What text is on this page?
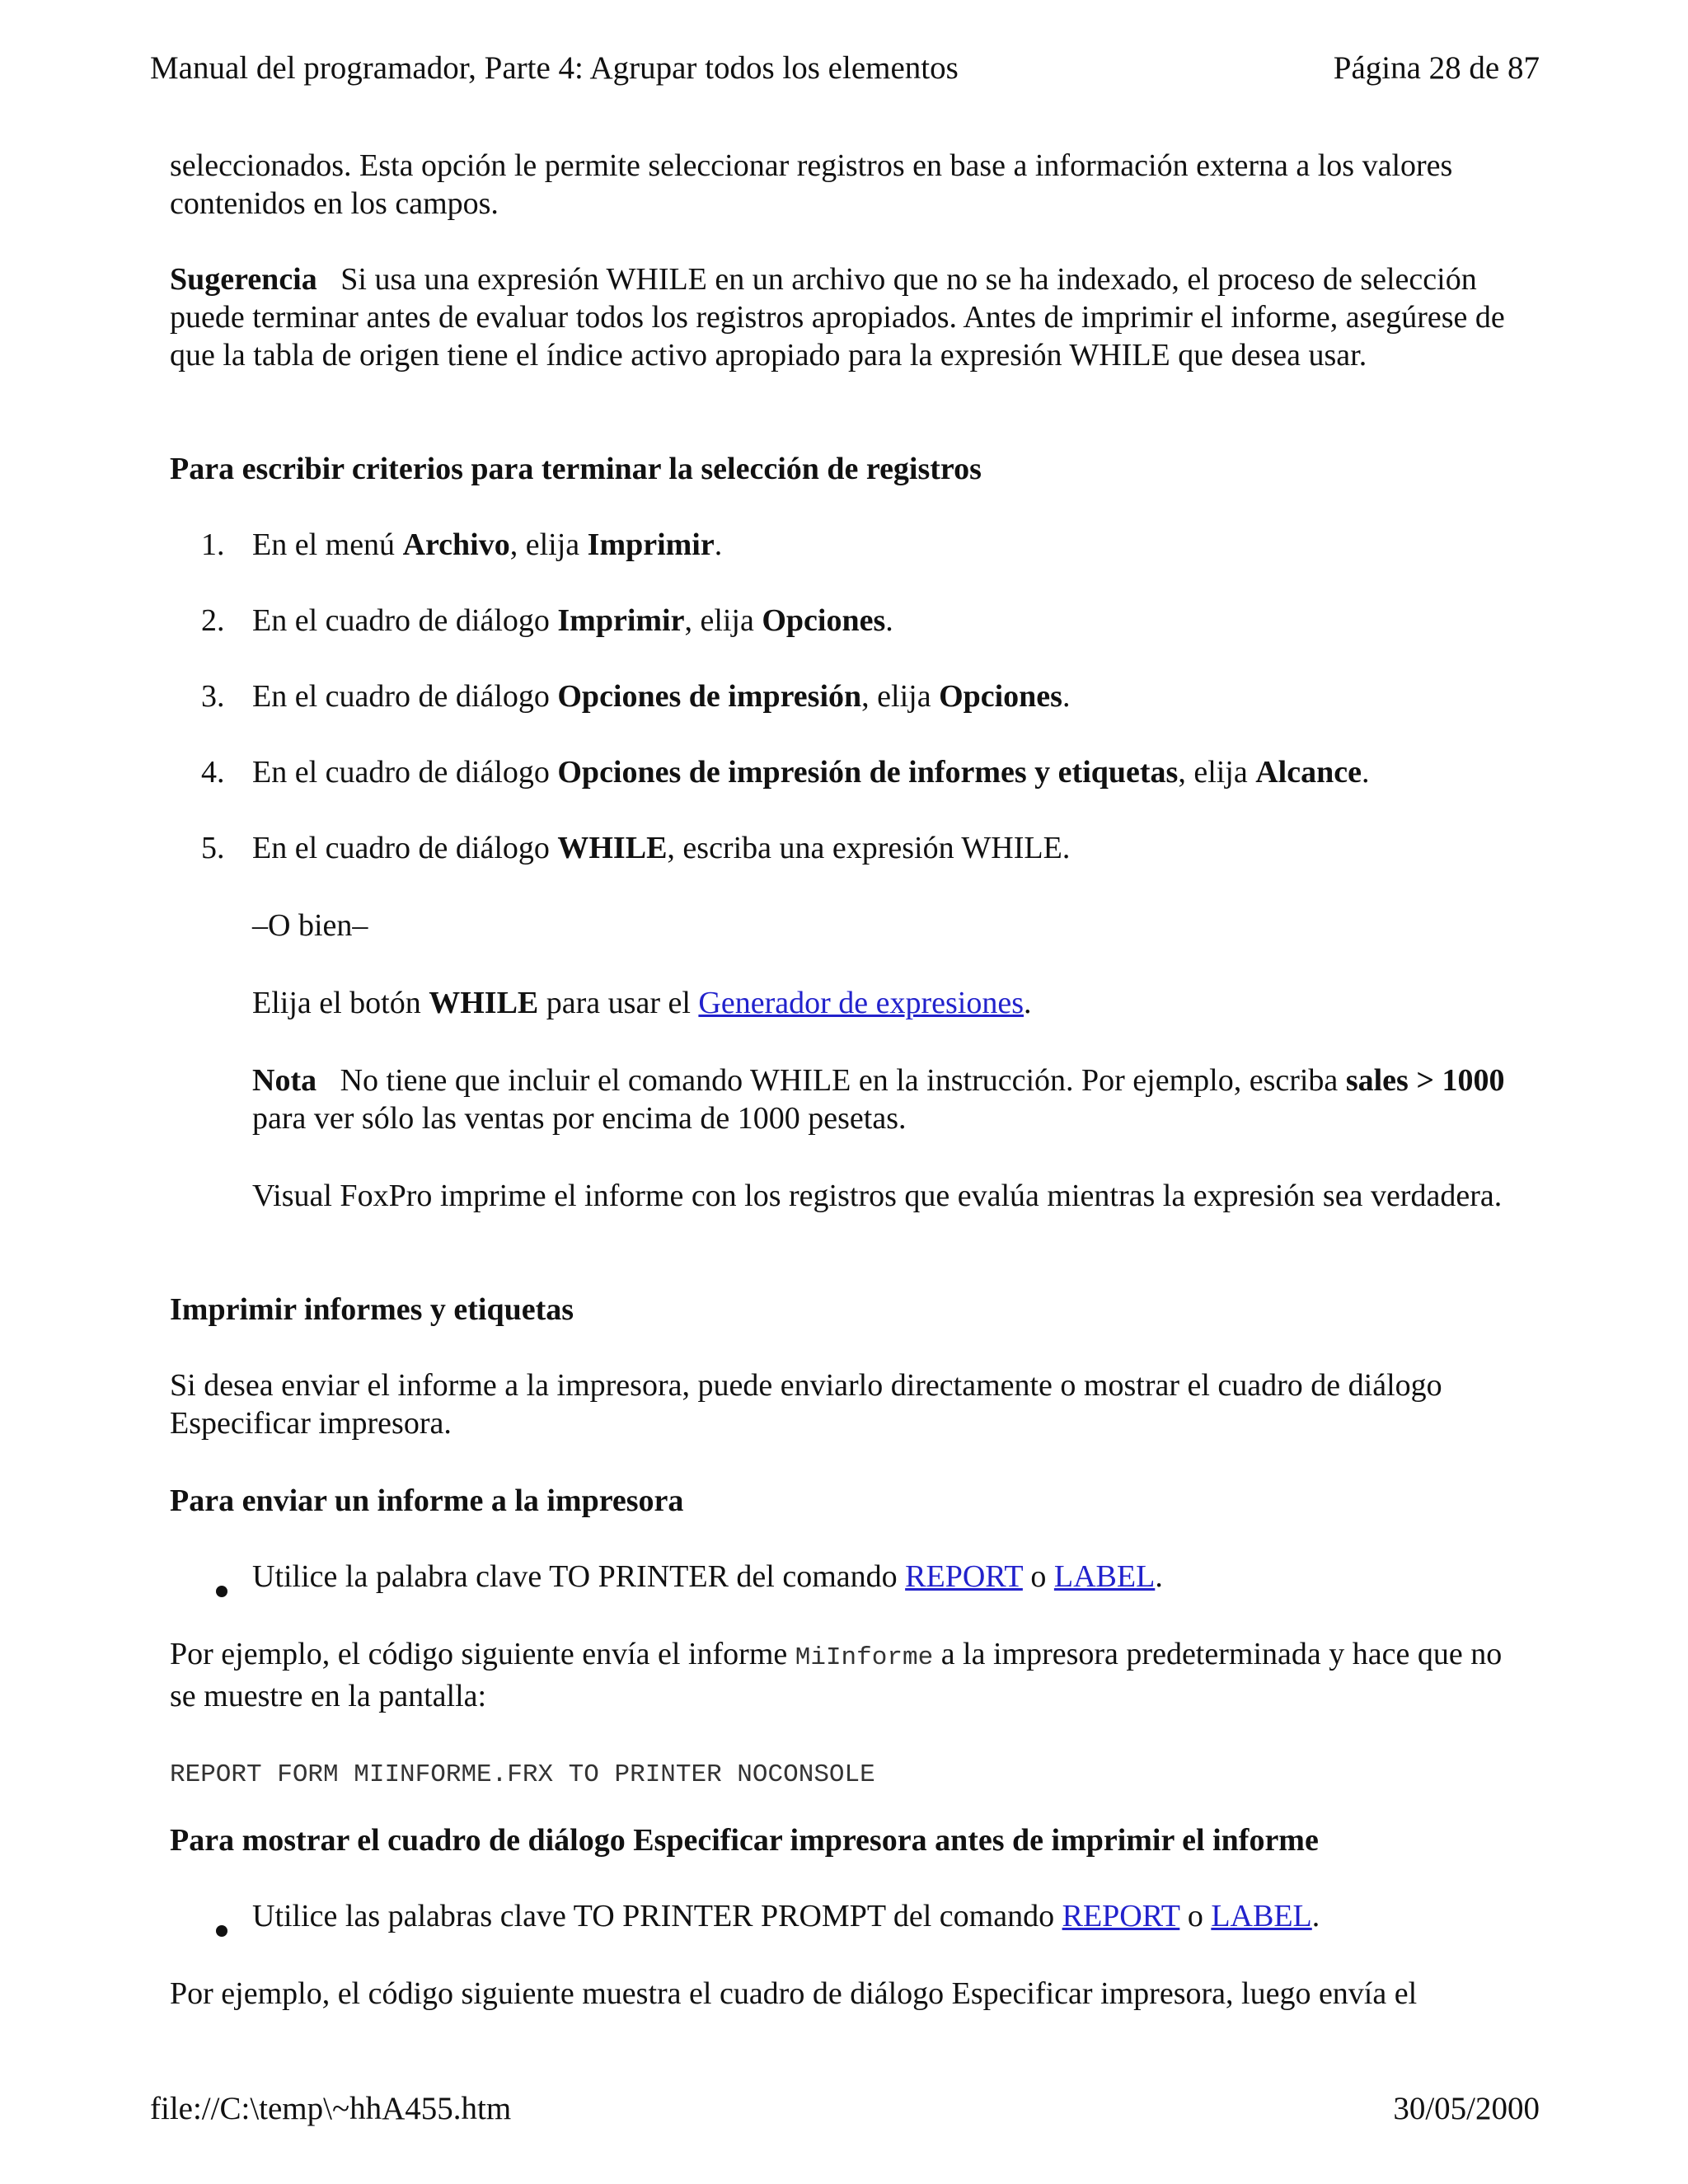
Manual del programador, Parte 4: Agrupar todos los elementos	Página 28 de 87

seleccionados. Esta opción le permite seleccionar registros en base a información externa a los valores contenidos en los campos.

Sugerencia Si usa una expresión WHILE en un archivo que no se ha indexado, el proceso de selección puede terminar antes de evaluar todos los registros apropiados. Antes de imprimir el informe, asegúrese de que la tabla de origen tiene el índice activo apropiado para la expresión WHILE que desea usar.

Para escribir criterios para terminar la selección de registros

1. En el menú Archivo, elija Imprimir.

2. En el cuadro de diálogo Imprimir, elija Opciones.

3. En el cuadro de diálogo Opciones de impresión, elija Opciones.

4. En el cuadro de diálogo Opciones de impresión de informes y etiquetas, elija Alcance.

5. En el cuadro de diálogo WHILE, escriba una expresión WHILE.

–O bien–

Elija el botón WHILE para usar el Generador de expresiones.

Nota No tiene que incluir el comando WHILE en la instrucción. Por ejemplo, escriba sales > 1000 para ver sólo las ventas por encima de 1000 pesetas.

Visual FoxPro imprime el informe con los registros que evalúa mientras la expresión sea verdadera.

Imprimir informes y etiquetas

Si desea enviar el informe a la impresora, puede enviarlo directamente o mostrar el cuadro de diálogo Especificar impresora.

Para enviar un informe a la impresora

Utilice la palabra clave TO PRINTER del comando REPORT o LABEL.

Por ejemplo, el código siguiente envía el informe MiInforme a la impresora predeterminada y hace que no se muestre en la pantalla:

REPORT FORM MIINFORME.FRX TO PRINTER NOCONSOLE

Para mostrar el cuadro de diálogo Especificar impresora antes de imprimir el informe

Utilice las palabras clave TO PRINTER PROMPT del comando REPORT o LABEL.

Por ejemplo, el código siguiente muestra el cuadro de diálogo Especificar impresora, luego envía el

file://C:\temp\~hhA455.htm	30/05/2000
